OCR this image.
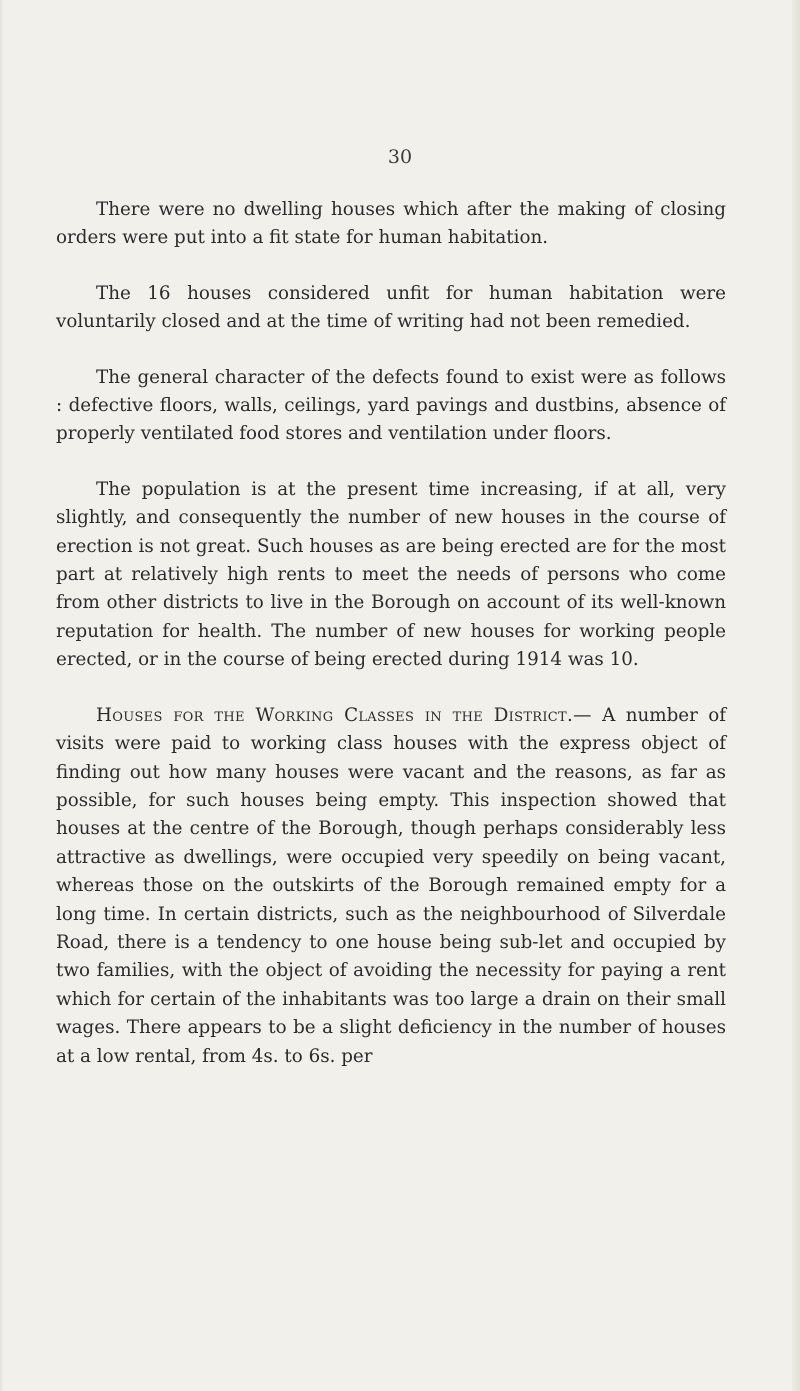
30

There were no dwelling houses which after the making of closing orders were put into a fit state for human habitation.

The 16 houses considered unfit for human habitation were voluntarily closed and at the time of writing had not been remedied.

The general character of the defects found to exist were as follows : defective floors, walls, ceilings, yard pavings and dustbins, absence of properly ventilated food stores and ventilation under floors.

The population is at the present time increasing, if at all, very slightly, and consequently the number of new houses in the course of erection is not great. Such houses as are being erected are for the most part at relatively high rents to meet the needs of persons who come from other districts to live in the Borough on account of its well-known reputation for health. The number of new houses for working people erected, or in the course of being erected during 1914 was 10.

Houses for the Working Classes in the District.— A number of visits were paid to working class houses with the express object of finding out how many houses were vacant and the reasons, as far as possible, for such houses being empty. This inspection showed that houses at the centre of the Borough, though perhaps considerably less attractive as dwellings, were occupied very speedily on being vacant, whereas those on the outskirts of the Borough remained empty for a long time. In certain districts, such as the neighbourhood of Silverdale Road, there is a tendency to one house being sub-let and occupied by two families, with the object of avoiding the necessity for paying a rent which for certain of the inhabitants was too large a drain on their small wages. There appears to be a slight deficiency in the number of houses at a low rental, from 4s. to 6s. per
